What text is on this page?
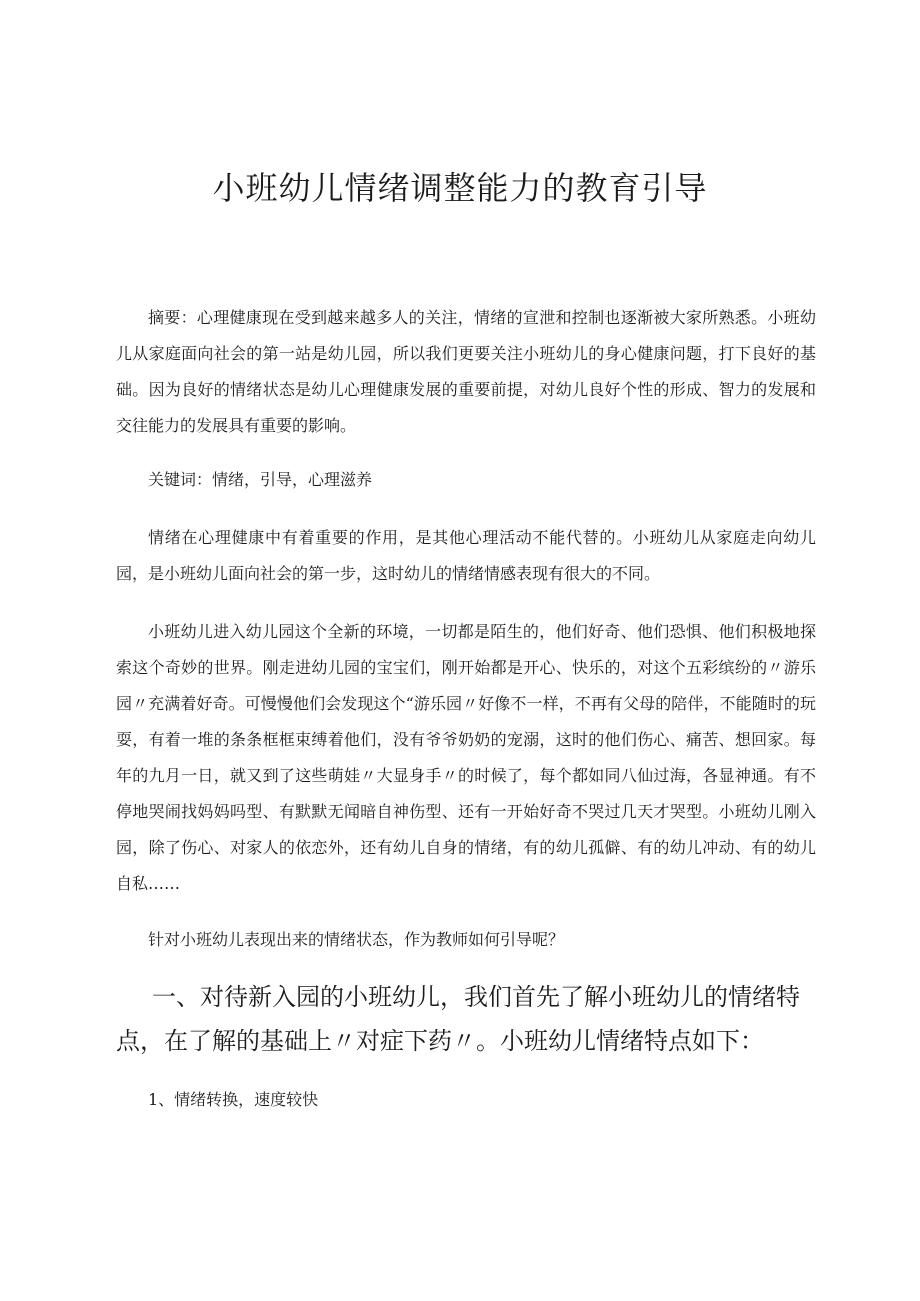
小班幼儿情绪调整能力的教育引导

摘要：心理健康现在受到越来越多人的关注，情绪的宣泄和控制也逐渐被大家所熟悉。小班幼儿从家庭面向社会的第一站是幼儿园，所以我们更要关注小班幼儿的身心健康问题，打下良好的基础。因为良好的情绪状态是幼儿心理健康发展的重要前提，对幼儿良好个性的形成、智力的发展和交往能力的发展具有重要的影响。

关键词：情绪，引导，心理滋养

情绪在心理健康中有着重要的作用，是其他心理活动不能代替的。小班幼儿从家庭走向幼儿园，是小班幼儿面向社会的第一步，这时幼儿的情绪情感表现有很大的不同。

小班幼儿进入幼儿园这个全新的环境，一切都是陌生的，他们好奇、他们恐惧、他们积极地探索这个奇妙的世界。刚走进幼儿园的宝宝们，刚开始都是开心、快乐的，对这个五彩缤纷的〃游乐园〃充满着好奇。可慢慢他们会发现这个“游乐园〃好像不一样，不再有父母的陪伴，不能随时的玩耍，有着一堆的条条框框束缚着他们，没有爷爷奶奶的宠溺，这时的他们伤心、痛苦、想回家。每年的九月一日，就又到了这些萌娃〃大显身手〃的时候了，每个都如同八仙过海，各显神通。有不停地哭闹找妈妈吗型、有默默无闻暗自神伤型、还有一开始好奇不哭过几天才哭型。小班幼儿刚入园，除了伤心、对家人的依恋外，还有幼儿自身的情绪，有的幼儿孤僻、有的幼儿冲动、有的幼儿自私……

针对小班幼儿表现出来的情绪状态，作为教师如何引导呢？

一、对待新入园的小班幼儿，我们首先了解小班幼儿的情绪特点，在了解的基础上〃对症下药〃。小班幼儿情绪特点如下：

1、情绪转换，速度较快
